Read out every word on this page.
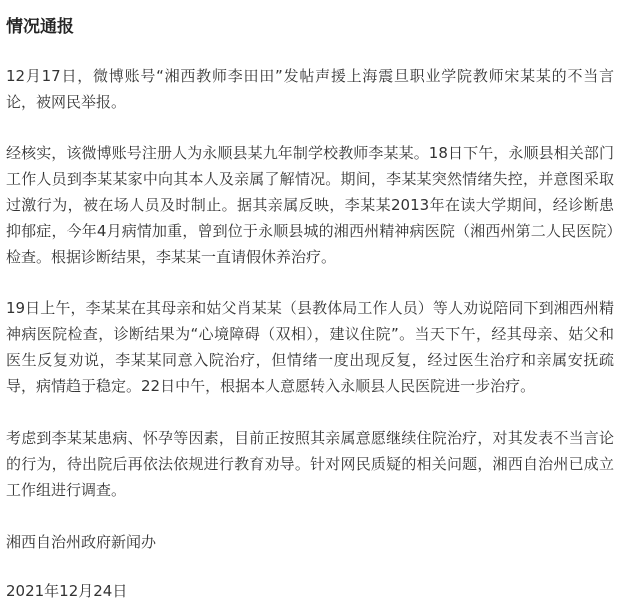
情况通报
12月17日，微博账号“湘西教师李田田”发帖声援上海震旦职业学院教师宋某某的不当言论，被网民举报。
经核实，该微博账号注册人为永顺县某九年制学校教师李某某。18日下午，永顺县相关部门工作人员到李某某家中向其本人及亲属了解情况。期间，李某某突然情绪失控，并意图采取过激行为，被在场人员及时制止。据其亲属反映，李某某2013年在读大学期间，经诊断患抑郁症，今年4月病情加重，曾到位于永顺县城的湘西州精神病医院（湘西州第二人民医院）检查。根据诊断结果，李某某一直请假休养治疗。
19日上午，李某某在其母亲和姑父肖某某（县教体局工作人员）等人劝说陪同下到湘西州精神病医院检查，诊断结果为“心境障碍（双相），建议住院”。当天下午，经其母亲、姑父和医生反复劝说，李某某同意入院治疗，但情绪一度出现反复，经过医生治疗和亲属安抚疏导，病情趋于稳定。22日中午，根据本人意愿转入永顺县人民医院进一步治疗。
考虑到李某某患病、怀孕等因素，目前正按照其亲属意愿继续住院治疗，对其发表不当言论的行为，待出院后再依法依规进行教育劝导。针对网民质疑的相关问题，湘西自治州已成立工作组进行调查。
湘西自治州政府新闻办
2021年12月24日
